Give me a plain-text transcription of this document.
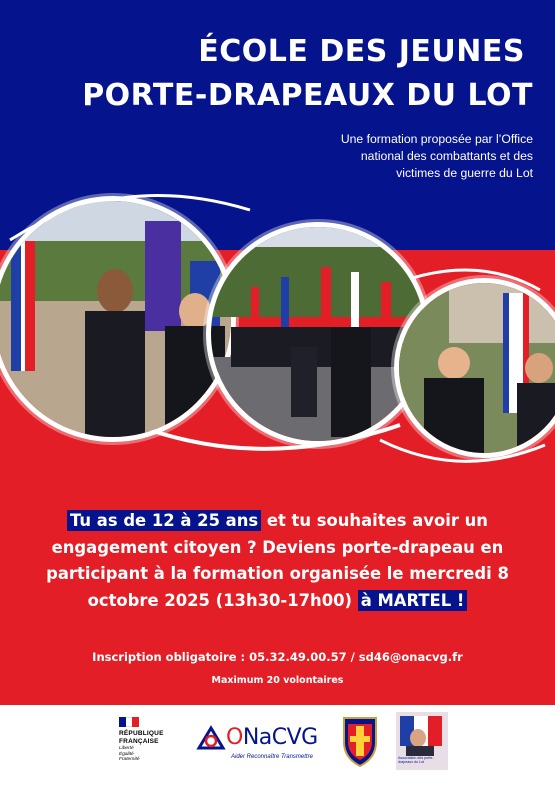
ÉCOLE DES JEUNES
PORTE-DRAPEAUX DU LOT
Une formation proposée par l’Office
national des combattants et des
victimes de guerre du Lot
Tu as de 12 à 25 ans et tu souhaites avoir un engagement citoyen ? Deviens porte-drapeau en participant à la formation organisée le mercredi 8 octobre 2025 (13h30-17h00) à MARTEL !
Inscription obligatoire : 05.32.49.00.57 / sd46@onacvg.fr
Maximum 20 volontaires
RÉPUBLIQUE
FRANÇAISE
Liberté
Égalité
Fraternité
ONaCVG
Aider Reconnaître Transmettre	Association des porte-drapeaux du Lot
